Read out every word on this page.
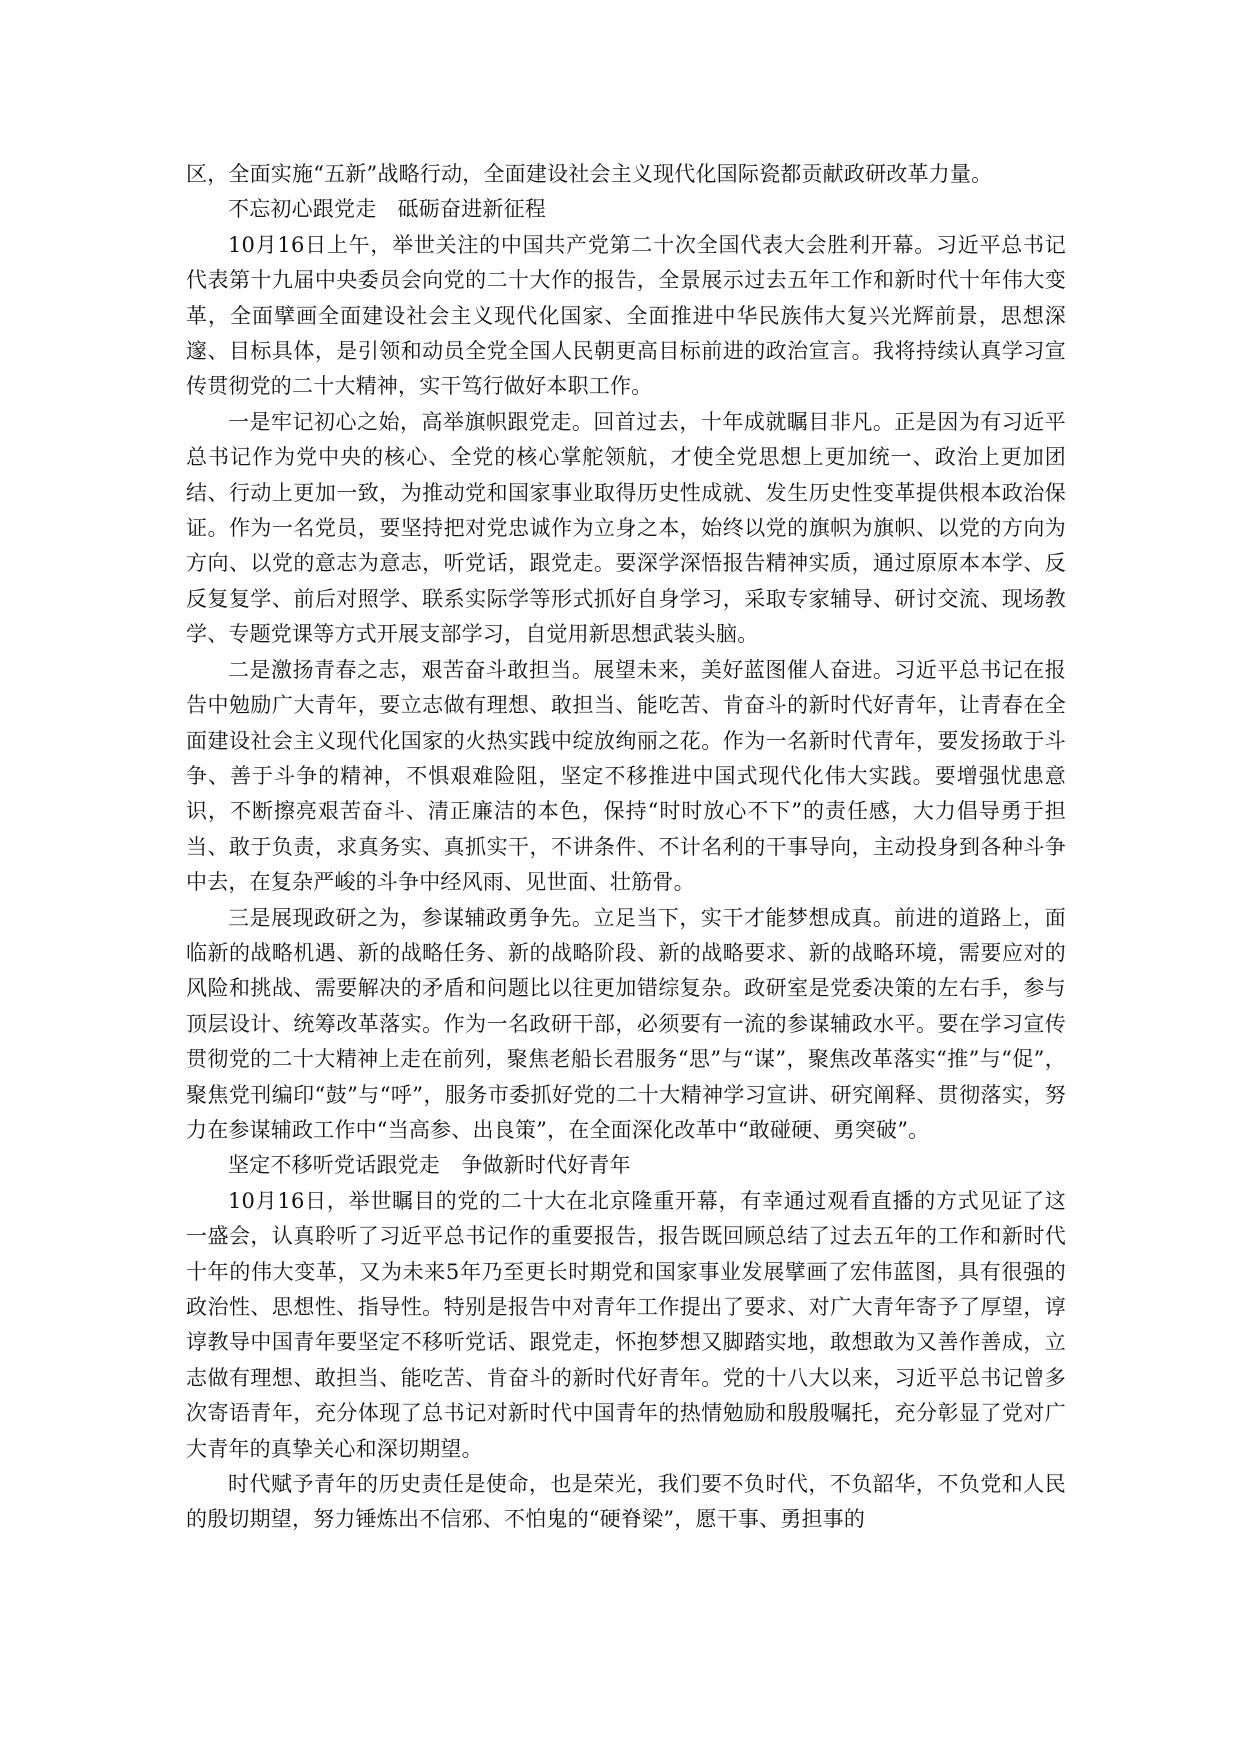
区，全面实施“五新”战略行动，全面建设社会主义现代化国际瓷都贡献政研改革力量。

不忘初心跟党走　砥砺奋进新征程

10月16日上午，举世关注的中国共产党第二十次全国代表大会胜利开幕。习近平总书记代表第十九届中央委员会向党的二十大作的报告，全景展示过去五年工作和新时代十年伟大变革，全面擘画全面建设社会主义现代化国家、全面推进中华民族伟大复兴光辉前景，思想深邃、目标具体，是引领和动员全党全国人民朝更高目标前进的政治宣言。我将持续认真学习宣传贯彻党的二十大精神，实干笃行做好本职工作。

一是牢记初心之始，高举旗帜跟党走。回首过去，十年成就瞩目非凡。正是因为有习近平总书记作为党中央的核心、全党的核心掌舵领航，才使全党思想上更加统一、政治上更加团结、行动上更加一致，为推动党和国家事业取得历史性成就、发生历史性变革提供根本政治保证。作为一名党员，要坚持把对党忠诚作为立身之本，始终以党的旗帜为旗帜、以党的方向为方向、以党的意志为意志，听党话，跟党走。要深学深悟报告精神实质，通过原原本本学、反反复复学、前后对照学、联系实际学等形式抓好自身学习，采取专家辅导、研讨交流、现场教学、专题党课等方式开展支部学习，自觉用新思想武装头脑。

二是激扬青春之志，艰苦奋斗敢担当。展望未来，美好蓝图催人奋进。习近平总书记在报告中勉励广大青年，要立志做有理想、敢担当、能吃苦、肯奋斗的新时代好青年，让青春在全面建设社会主义现代化国家的火热实践中绽放绚丽之花。作为一名新时代青年，要发扬敢于斗争、善于斗争的精神，不惧艰难险阻，坚定不移推进中国式现代化伟大实践。要增强忧患意识，不断擦亮艰苦奋斗、清正廉洁的本色，保持“时时放心不下”的责任感，大力倡导勇于担当、敢于负责，求真务实、真抓实干，不讲条件、不计名利的干事导向，主动投身到各种斗争中去，在复杂严峻的斗争中经风雨、见世面、壮筋骨。

三是展现政研之为，参谋辅政勇争先。立足当下，实干才能梦想成真。前进的道路上，面临新的战略机遇、新的战略任务、新的战略阶段、新的战略要求、新的战略环境，需要应对的风险和挑战、需要解决的矛盾和问题比以往更加错综复杂。政研室是党委决策的左右手，参与顶层设计、统筹改革落实。作为一名政研干部，必须要有一流的参谋辅政水平。要在学习宣传贯彻党的二十大精神上走在前列，聚焦老船长君服务“思”与“谋”，聚焦改革落实“推”与“促”，聚焦党刊编印“鼓”与“呼”，服务市委抓好党的二十大精神学习宣讲、研究阐释、贯彻落实，努力在参谋辅政工作中“当高参、出良策”，在全面深化改革中“敢碰硬、勇突破”。

坚定不移听党话跟党走　争做新时代好青年

10月16日，举世瞩目的党的二十大在北京隆重开幕，有幸通过观看直播的方式见证了这一盛会，认真聆听了习近平总书记作的重要报告，报告既回顾总结了过去五年的工作和新时代十年的伟大变革，又为未来5年乃至更长时期党和国家事业发展擘画了宏伟蓝图，具有很强的政治性、思想性、指导性。特别是报告中对青年工作提出了要求、对广大青年寄予了厚望，谆谆教导中国青年要坚定不移听党话、跟党走，怀抱梦想又脚踏实地，敢想敢为又善作善成，立志做有理想、敢担当、能吃苦、肯奋斗的新时代好青年。党的十八大以来，习近平总书记曾多次寄语青年，充分体现了总书记对新时代中国青年的热情勉励和殷殷嘱托，充分彰显了党对广大青年的真挚关心和深切期望。

时代赋予青年的历史责任是使命，也是荣光，我们要不负时代，不负韶华，不负党和人民的殷切期望，努力锤炼出不信邪、不怕鬼的“硬脊梁”，愿干事、勇担事的
